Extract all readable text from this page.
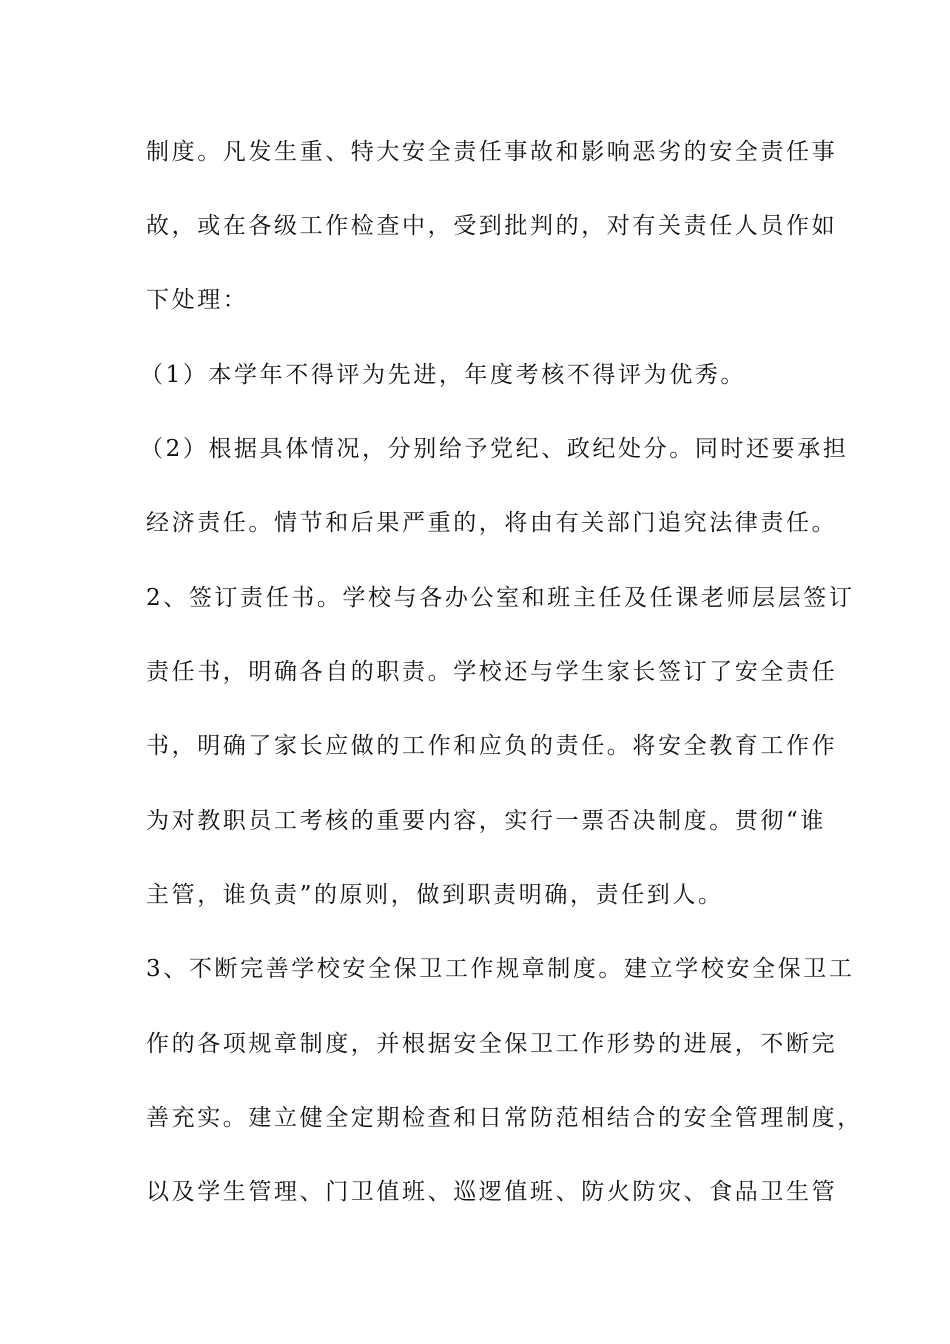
制度。凡发生重、特大安全责任事故和影响恶劣的安全责任事
故，或在各级工作检查中，受到批判的，对有关责任人员作如
下处理：
（1）本学年不得评为先进，年度考核不得评为优秀。
（2）根据具体情况，分别给予党纪、政纪处分。同时还要承担
经济责任。情节和后果严重的，将由有关部门追究法律责任。
2、签订责任书。学校与各办公室和班主任及任课老师层层签订
责任书，明确各自的职责。学校还与学生家长签订了安全责任
书，明确了家长应做的工作和应负的责任。将安全教育工作作
为对教职员工考核的重要内容，实行一票否决制度。贯彻“谁
主管，谁负责”的原则，做到职责明确，责任到人。
3、不断完善学校安全保卫工作规章制度。建立学校安全保卫工
作的各项规章制度，并根据安全保卫工作形势的进展，不断完
善充实。建立健全定期检查和日常防范相结合的安全管理制度，
以及学生管理、门卫值班、巡逻值班、防火防灾、食品卫生管
